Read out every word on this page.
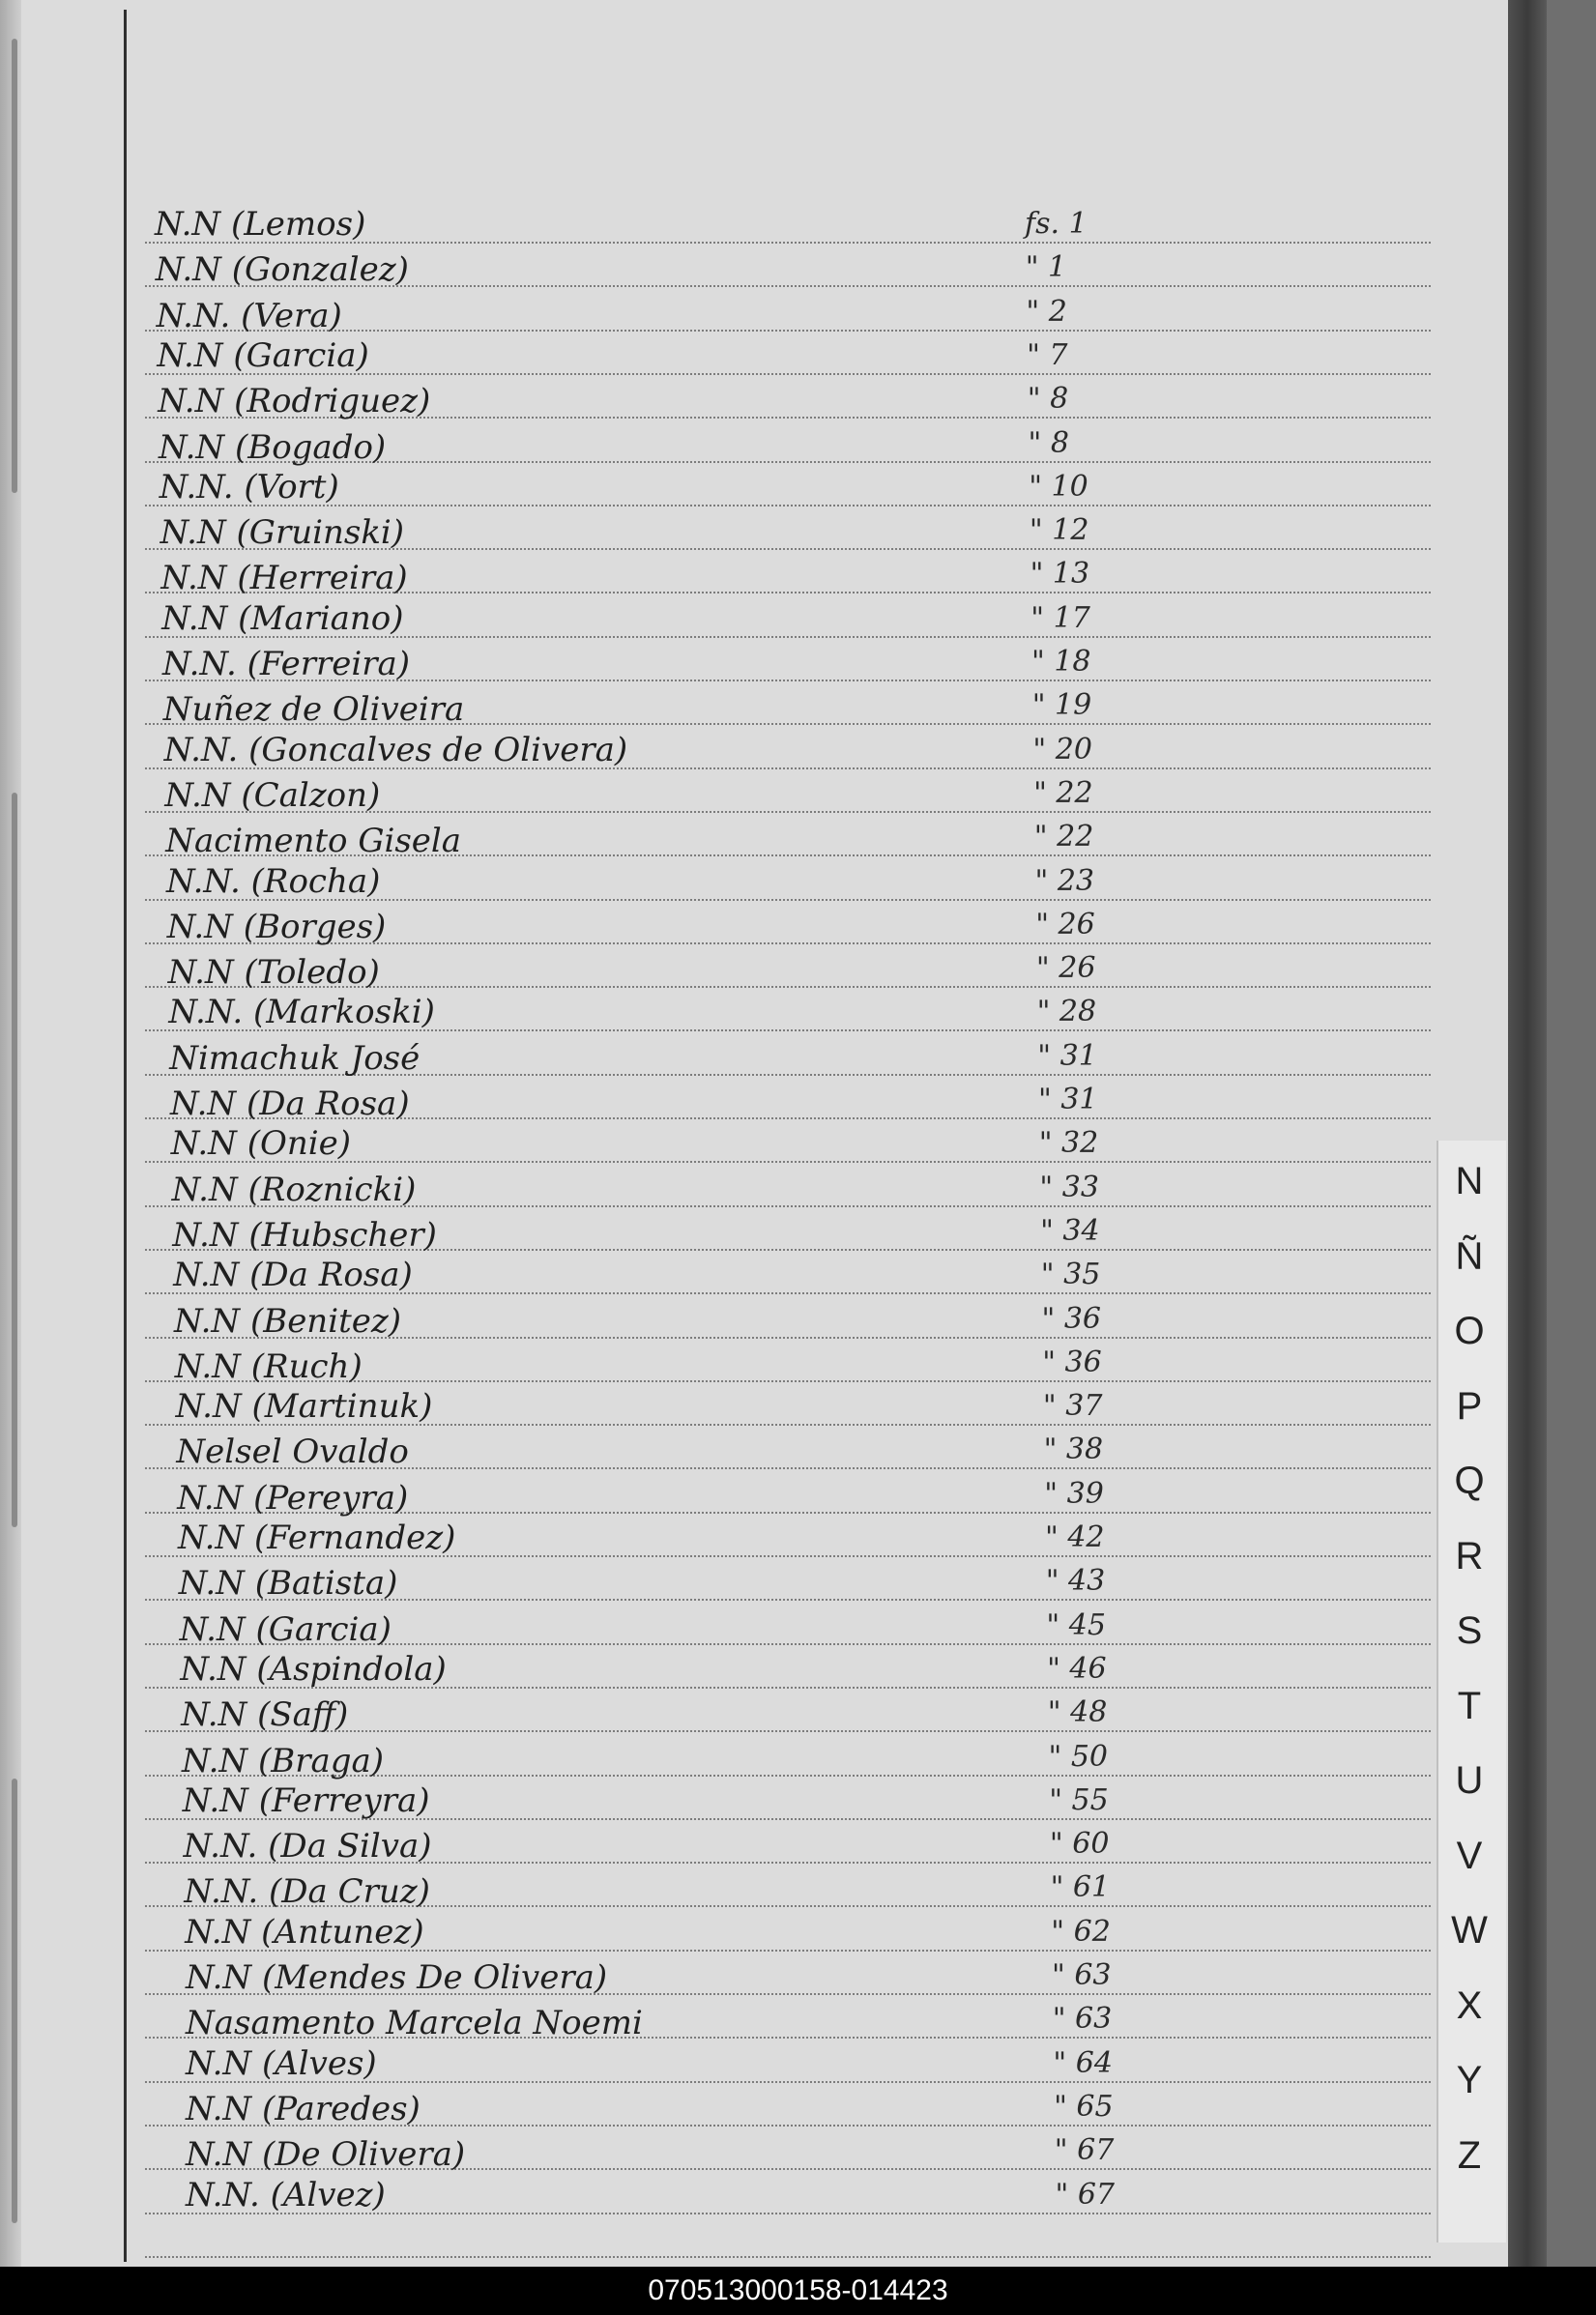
N.N (Lemos)	fs. 1
N.N (Gonzalez)	" 1
N.N. (Vera)	" 2
N.N (Garcia)	" 7
N.N (Rodriguez)	" 8
N.N (Bogado)	" 8
N.N. (Vort)	" 10
N.N (Gruinski)	" 12
N.N (Herreira)	" 13
N.N (Mariano)	" 17
N.N. (Ferreira)	" 18
Nuñez de Oliveira	" 19
N.N. (Goncalves de Olivera)	" 20
N.N (Calzon)	" 22
Nacimento Gisela	" 22
N.N. (Rocha)	" 23
N.N (Borges)	" 26
N.N (Toledo)	" 26
N.N. (Markoski)	" 28
Nimachuk José	" 31
N.N (Da Rosa)	" 31
N.N (Onie)	" 32
N.N (Roznicki)	" 33
N.N (Hubscher)	" 34
N.N (Da Rosa)	" 35
N.N (Benitez)	" 36
N.N (Ruch)	" 36
N.N (Martinuk)	" 37
Nelsel Ovaldo	" 38
N.N (Pereyra)	" 39
N.N (Fernandez)	" 42
N.N (Batista)	" 43
N.N (Garcia)	" 45
N.N (Aspindola)	" 46
N.N (Saff)	" 48
N.N (Braga)	" 50
N.N (Ferreyra)	" 55
N.N. (Da Silva)	" 60
N.N. (Da Cruz)	" 61
N.N (Antunez)	" 62
N.N (Mendes De Olivera)	" 63
Nasamento Marcela Noemi	" 63
N.N (Alves)	" 64
N.N (Paredes)	" 65
N.N (De Olivera)	" 67
N.N. (Alvez)	" 67
N
Ñ
O
P
Q
R
S
T
U
V
W
X
Y
Z
070513000158-014423
